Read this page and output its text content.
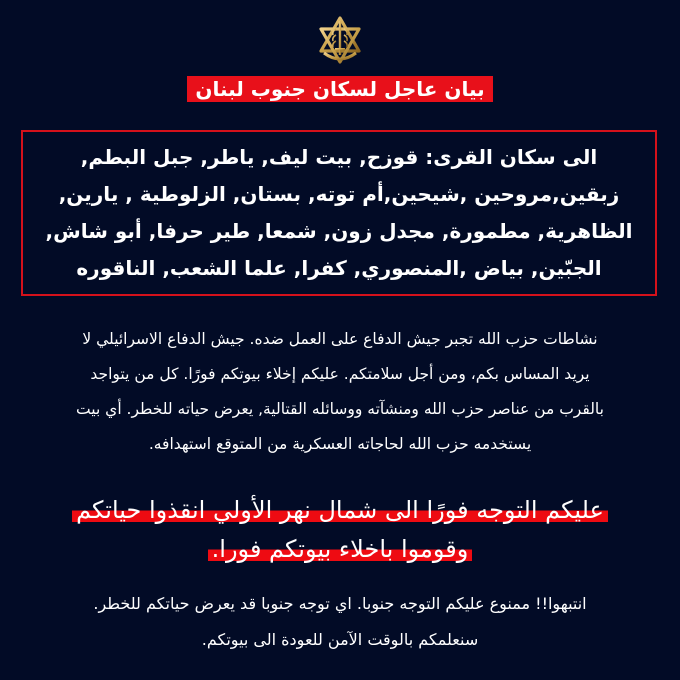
بيان عاجل لسكان جنوب لبنان
الى سكان القرى: قوزح, بيت ليف, ياطر, جبل البطم,
زبقين,مروحين ,شيحين,أم توته, بستان, الزلوطية , يارين,
الظاهرية, مطمورة, مجدل زون, شمعا, طير حرفا, أبو شاش,
الجبّين, بياض ,المنصوري, كفرا, علما الشعب, الناقوره
نشاطات حزب الله تجبر جيش الدفاع على العمل ضده. جيش الدفاع الاسرائيلي لا
يريد المساس بكم، ومن أجل سلامتكم. عليكم إخلاء بيوتكم فورًا. كل من يتواجد
بالقرب من عناصر حزب الله ومنشآته ووسائله القتالية, يعرض حياته للخطر. أي بيت
يستخدمه حزب الله لحاجاته العسكرية من المتوقع استهدافه.
عليكم التوجه فورًا الى شمال نهر الأولي انقذوا حياتكم
وقوموا باخلاء بيوتكم فورا.
انتبهوا!! ممنوع عليكم التوجه جنوبا. اي توجه جنوبا قد يعرض حياتكم للخطر.
سنعلمكم بالوقت الآمن للعودة الى بيوتكم.
